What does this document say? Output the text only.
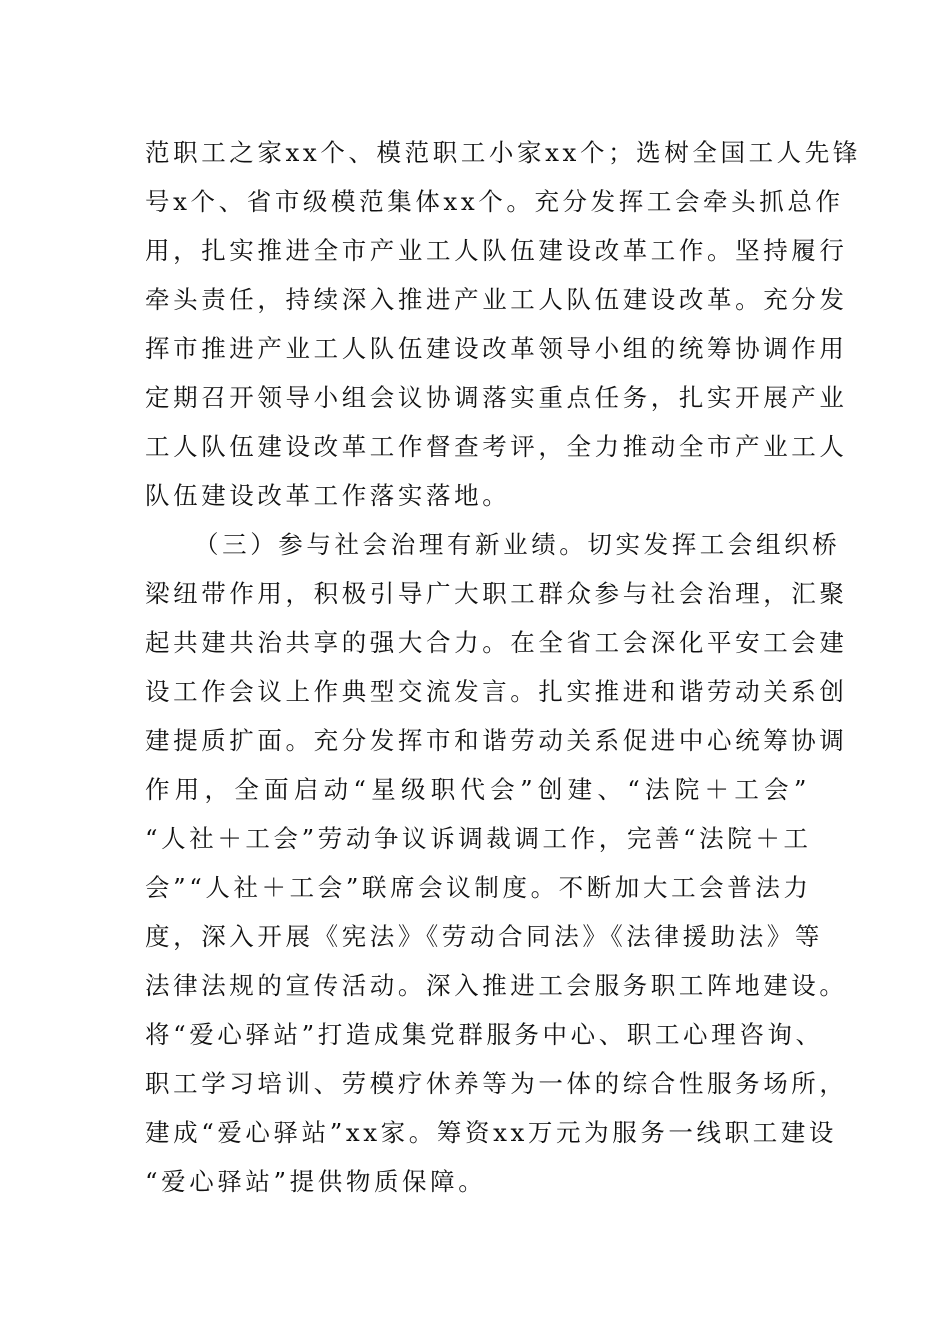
范职工之家xx个、模范职工小家xx个；选树全国工人先锋
号x个、省市级模范集体xx个。充分发挥工会牵头抓总作
用，扎实推进全市产业工人队伍建设改革工作。坚持履行
牵头责任，持续深入推进产业工人队伍建设改革。充分发
挥市推进产业工人队伍建设改革领导小组的统筹协调作用
定期召开领导小组会议协调落实重点任务，扎实开展产业
工人队伍建设改革工作督查考评，全力推动全市产业工人
队伍建设改革工作落实落地。
（三）参与社会治理有新业绩。切实发挥工会组织桥
梁纽带作用，积极引导广大职工群众参与社会治理，汇聚
起共建共治共享的强大合力。在全省工会深化平安工会建
设工作会议上作典型交流发言。扎实推进和谐劳动关系创
建提质扩面。充分发挥市和谐劳动关系促进中心统筹协调
作用，全面启动“星级职代会”创建、“法院＋工会”
“人社＋工会”劳动争议诉调裁调工作，完善“法院＋工
会”“人社＋工会”联席会议制度。不断加大工会普法力
度，深入开展《宪法》《劳动合同法》《法律援助法》等
法律法规的宣传活动。深入推进工会服务职工阵地建设。
将“爱心驿站”打造成集党群服务中心、职工心理咨询、
职工学习培训、劳模疗休养等为一体的综合性服务场所，
建成“爱心驿站”xx家。筹资xx万元为服务一线职工建设
“爱心驿站”提供物质保障。
